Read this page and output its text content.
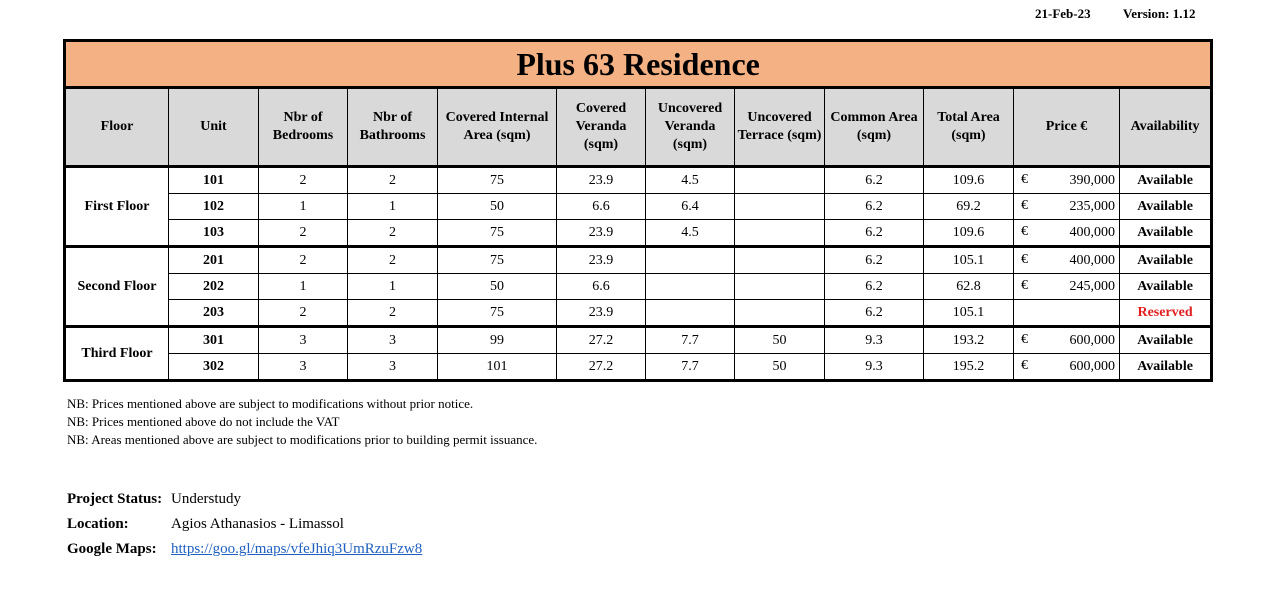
21-Feb-23 Version: 1.12
Plus 63 Residence											
Floor	Unit	Nbr of Bedrooms	Nbr of Bathrooms	Covered Internal Area (sqm)	Covered Veranda (sqm)	Uncovered Veranda (sqm)	Uncovered Terrace (sqm)	Common Area (sqm)	Total Area (sqm)	Price €	Availability
First Floor	101	2	2	75	23.9	4.5		6.2	109.6	€ 390,000	Available
	102	1	1	50	6.6	6.4		6.2	69.2	€ 235,000	Available
	103	2	2	75	23.9	4.5		6.2	109.6	€ 400,000	Available
Second Floor	201	2	2	75	23.9			6.2	105.1	€ 400,000	Available
	202	1	1	50	6.6			6.2	62.8	€ 245,000	Available
	203	2	2	75	23.9			6.2	105.1		Reserved
Third Floor	301	3	3	99	27.2	7.7	50	9.3	193.2	€ 600,000	Available
	302	3	3	101	27.2	7.7	50	9.3	195.2	€ 600,000	Available
NB: Prices mentioned above are subject to modifications without prior notice.
NB: Prices mentioned above do not include the VAT
NB: Areas mentioned above are subject to modifications prior to building permit issuance.
Project Status: Understudy
Location:	Agios Athanasios - Limassol
Google Maps: https://goo.gl/maps/vfeJhiq3UmRzuFzw8
